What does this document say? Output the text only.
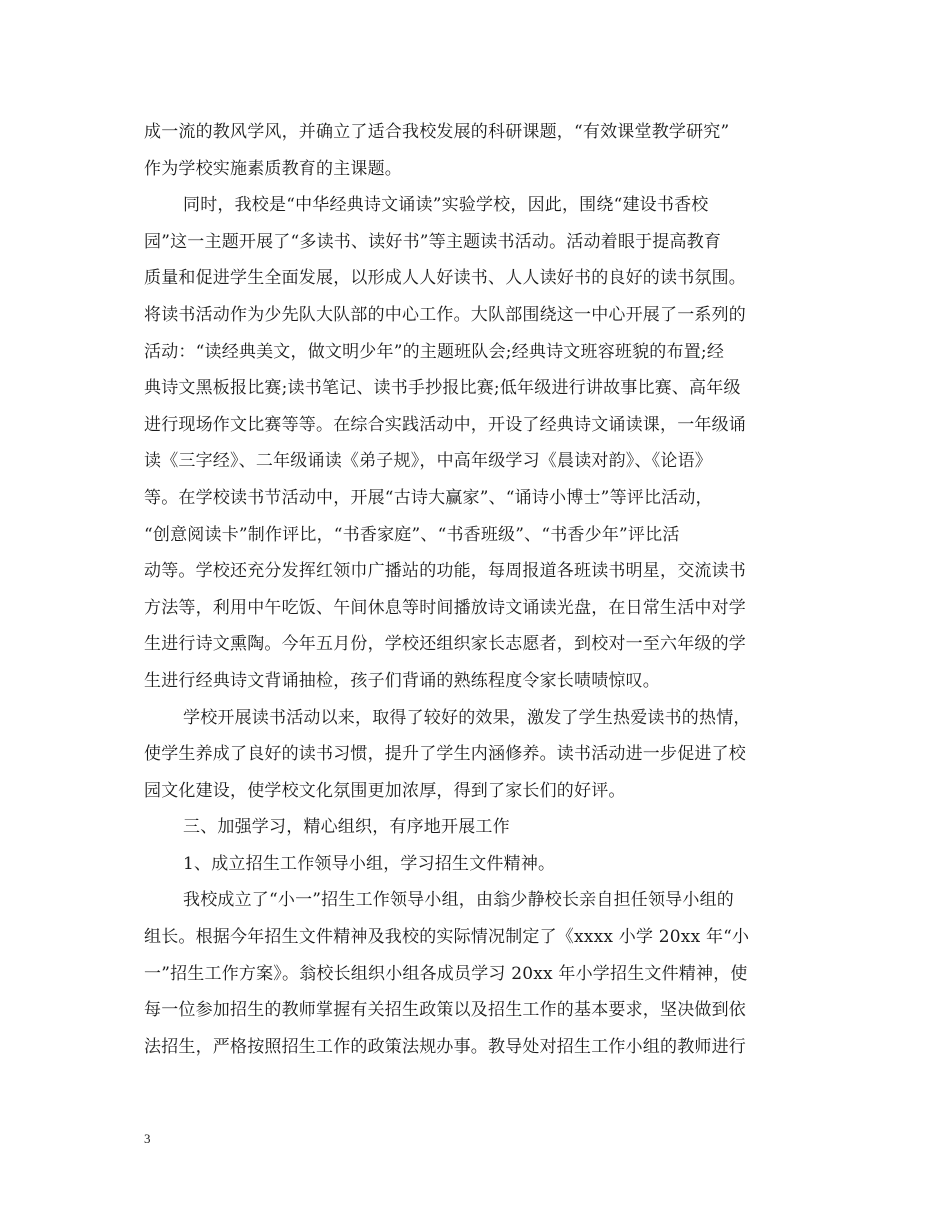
成一流的教风学风，并确立了适合我校发展的科研课题，“有效课堂教学研究”
作为学校实施素质教育的主课题。
同时，我校是“中华经典诗文诵读”实验学校，因此，围绕“建设书香校
园”这一主题开展了“多读书、读好书”等主题读书活动。活动着眼于提高教育
质量和促进学生全面发展，以形成人人好读书、人人读好书的良好的读书氛围。
将读书活动作为少先队大队部的中心工作。大队部围绕这一中心开展了一系列的
活动：“读经典美文，做文明少年”的主题班队会;经典诗文班容班貌的布置;经
典诗文黑板报比赛;读书笔记、读书手抄报比赛;低年级进行讲故事比赛、高年级
进行现场作文比赛等等。在综合实践活动中，开设了经典诗文诵读课，一年级诵
读《三字经》、二年级诵读《弟子规》，中高年级学习《晨读对韵》、《论语》
等。在学校读书节活动中，开展“古诗大赢家”、“诵诗小博士”等评比活动，
“创意阅读卡”制作评比，“书香家庭”、“书香班级”、“书香少年”评比活
动等。学校还充分发挥红领巾广播站的功能，每周报道各班读书明星，交流读书
方法等，利用中午吃饭、午间休息等时间播放诗文诵读光盘，在日常生活中对学
生进行诗文熏陶。今年五月份，学校还组织家长志愿者，到校对一至六年级的学
生进行经典诗文背诵抽检，孩子们背诵的熟练程度令家长啧啧惊叹。
学校开展读书活动以来，取得了较好的效果，激发了学生热爱读书的热情，
使学生养成了良好的读书习惯，提升了学生内涵修养。读书活动进一步促进了校
园文化建设，使学校文化氛围更加浓厚，得到了家长们的好评。
三、加强学习，精心组织，有序地开展工作
1、成立招生工作领导小组，学习招生文件精神。
我校成立了“小一”招生工作领导小组，由翁少静校长亲自担任领导小组的
组长。根据今年招生文件精神及我校的实际情况制定了《xxxx 小学 20xx 年“小
一”招生工作方案》。翁校长组织小组各成员学习 20xx 年小学招生文件精神，使
每一位参加招生的教师掌握有关招生政策以及招生工作的基本要求，坚决做到依
法招生，严格按照招生工作的政策法规办事。教导处对招生工作小组的教师进行
3
